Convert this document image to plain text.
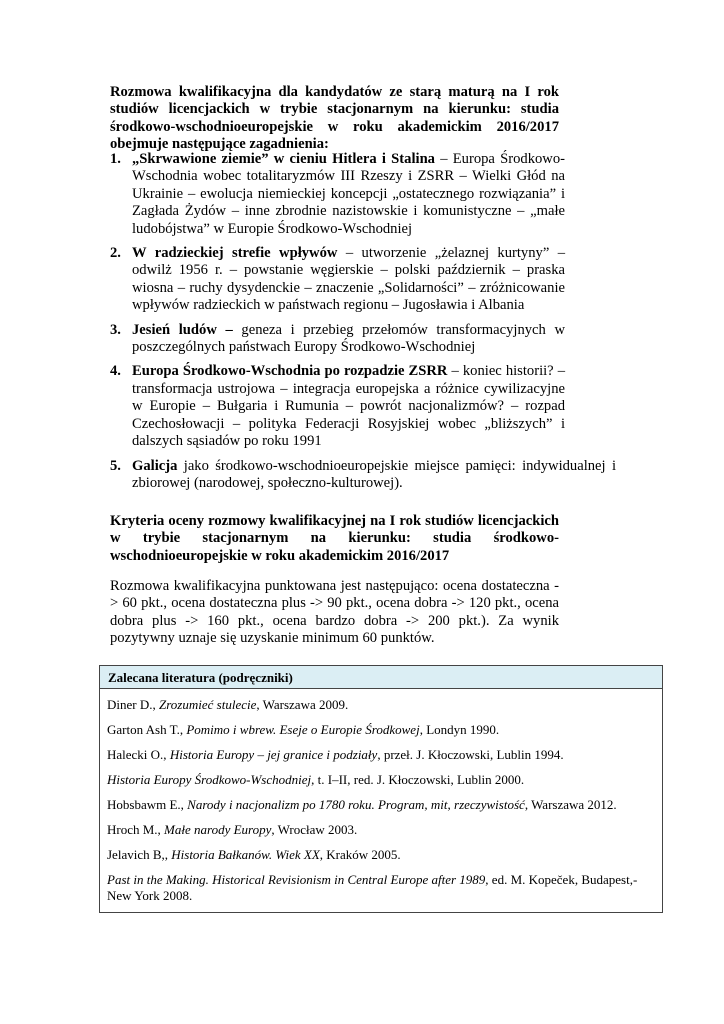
Rozmowa kwalifikacyjna dla kandydatów ze starą maturą na I rok studiów licencjackich w trybie stacjonarnym na kierunku: studia środkowo-wschodnioeuropejskie w roku akademickim 2016/2017 obejmuje następujące zagadnienia:
1. „Skrwawione ziemie” w cieniu Hitlera i Stalina – Europa Środkowo-Wschodnia wobec totalitaryzmów III Rzeszy i ZSRR – Wielki Głód na Ukrainie – ewolucja niemieckiej koncepcji „ostatecznego rozwiązania” i Zagłada Żydów – inne zbrodnie nazistowskie i komunistyczne – „małe ludobójstwa” w Europie Środkowo-Wschodniej
2. W radzieckiej strefie wpływów – utworzenie „żelaznej kurtyny” – odwilż 1956 r. – powstanie węgierskie – polski październik – praska wiosna – ruchy dysydenckie – znaczenie „Solidarności” – zróżnicowanie wpływów radzieckich w państwach regionu – Jugosławia i Albania
3. Jesień ludów – geneza i przebieg przełomów transformacyjnych w poszczególnych państwach Europy Środkowo-Wschodniej
4. Europa Środkowo-Wschodnia po rozpadzie ZSRR – koniec historii? – transformacja ustrojowa – integracja europejska a różnice cywilizacyjne w Europie – Bułgaria i Rumunia – powrót nacjonalizmów? – rozpad Czechosłowacji – polityka Federacji Rosyjskiej wobec „bliższych” i dalszych sąsiadów po roku 1991
5. Galicja jako środkowo-wschodnioeuropejskie miejsce pamięci: indywidualnej i zbiorowej (narodowej, społeczno-kulturowej).
Kryteria oceny rozmowy kwalifikacyjnej na I rok studiów licencjackich w trybie stacjonarnym na kierunku: studia środkowo-wschodnioeuropejskie w roku akademickim 2016/2017
Rozmowa kwalifikacyjna punktowana jest następująco: ocena dostateczna -> 60 pkt., ocena dostateczna plus -> 90 pkt., ocena dobra -> 120 pkt., ocena dobra plus -> 160 pkt., ocena bardzo dobra -> 200 pkt.). Za wynik pozytywny uznaje się uzyskanie minimum 60 punktów.
Zalecana literatura (podręczniki)
Diner D., Zrozumieć stulecie, Warszawa 2009.
Garton Ash T., Pomimo i wbrew. Eseje o Europie Środkowej, Londyn 1990.
Halecki O., Historia Europy – jej granice i podziały, przeł. J. Kłoczowski, Lublin 1994.
Historia Europy Środkowo-Wschodniej, t. I–II, red. J. Kłoczowski, Lublin 2000.
Hobsbawm E., Narody i nacjonalizm po 1780 roku. Program, mit, rzeczywistość, Warszawa 2012.
Hroch M., Małe narody Europy, Wrocław 2003.
Jelavich B,, Historia Bałkanów. Wiek XX, Kraków 2005.
Past in the Making. Historical Revisionism in Central Europe after 1989, ed. M. Kopeček, Budapest,-New York 2008.
